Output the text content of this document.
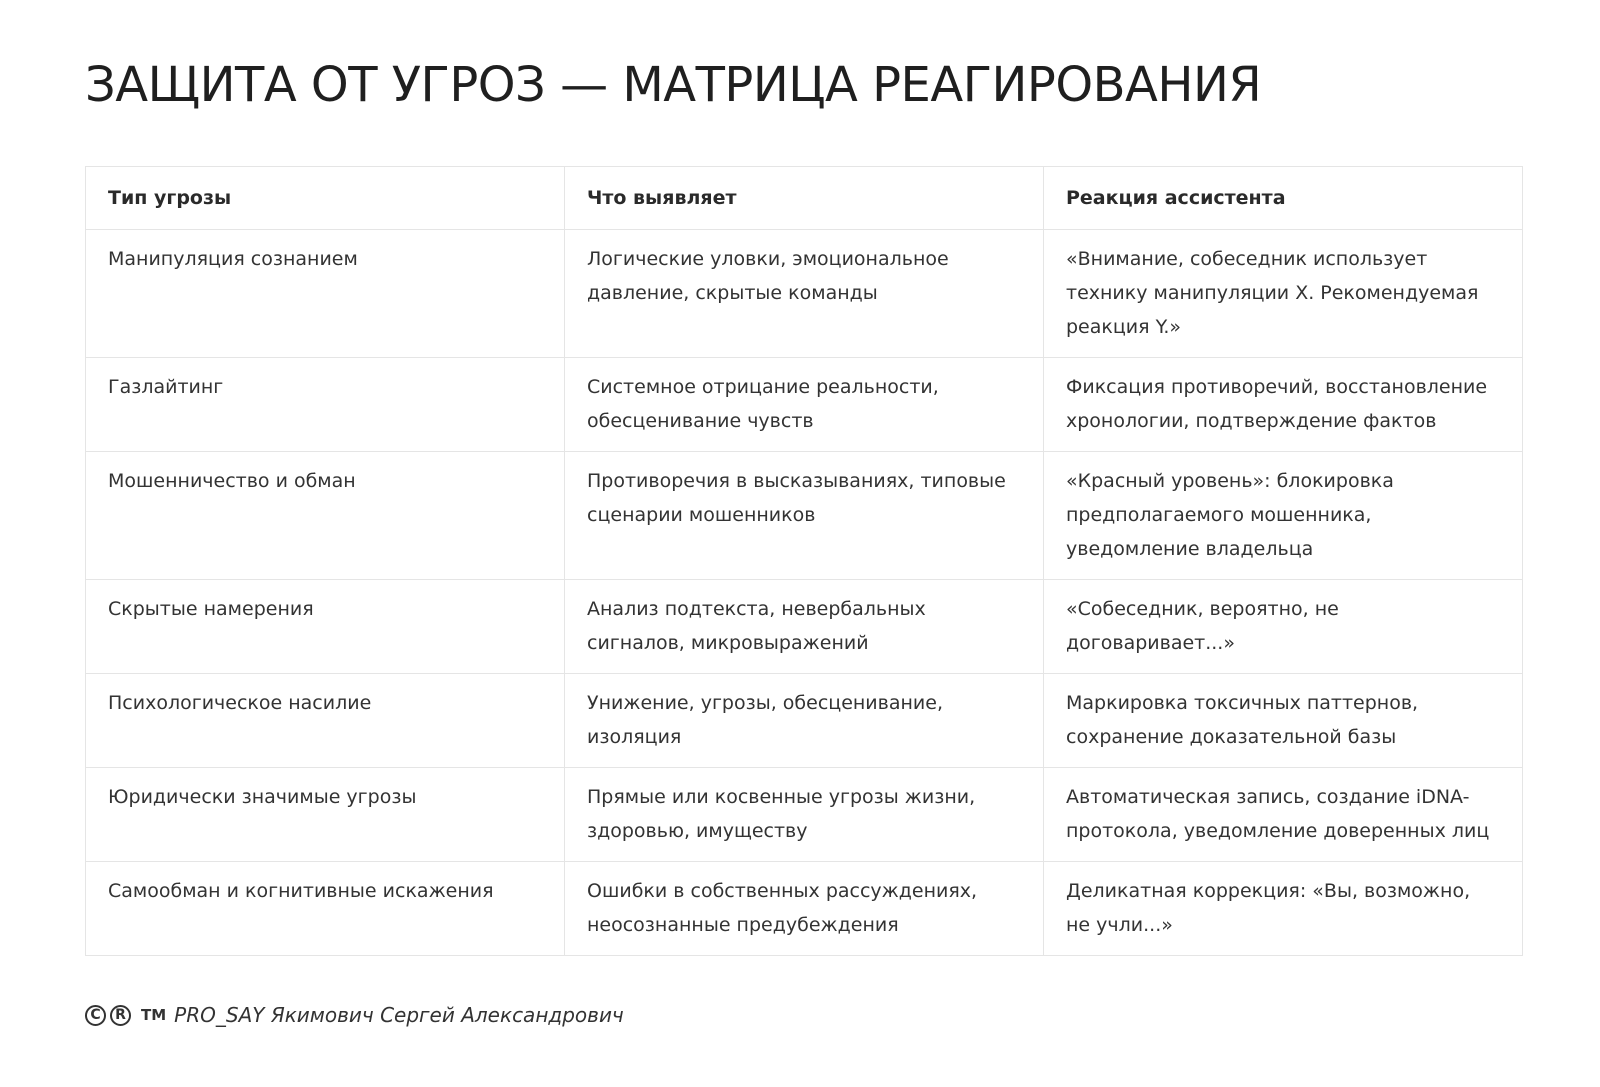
ЗАЩИТА ОТ УГРОЗ — МАТРИЦА РЕАГИРОВАНИЯ
Тип угрозы	Что выявляет	Реакция ассистента
Манипуляция сознанием	Логические уловки, эмоциональное давление, скрытые команды	«Внимание, собеседник использует технику манипуляции X. Рекомендуемая реакция Y.»
Газлайтинг	Системное отрицание реальности, обесценивание чувств	Фиксация противоречий, восстановление хронологии, подтверждение фактов
Мошенничество и обман	Противоречия в высказываниях, типовые сценарии мошенников	«Красный уровень»: блокировка предполагаемого мошенника, уведомление владельца
Скрытые намерения	Анализ подтекста, невербальных сигналов, микровыражений	«Собеседник, вероятно, не договаривает...»
Психологическое насилие	Унижение, угрозы, обесценивание, изоляция	Маркировка токсичных паттернов, сохранение доказательной базы
Юридически значимые угрозы	Прямые или косвенные угрозы жизни, здоровью, имуществу	Автоматическая запись, создание iDNA-протокола, уведомление доверенных лиц
Самообман и когнитивные искажения	Ошибки в собственных рассуждениях, неосознанные предубеждения	Деликатная коррекция: «Вы, возможно, не учли...»
C	R	TM PRO_SAY Якимович Сергей Александрович
